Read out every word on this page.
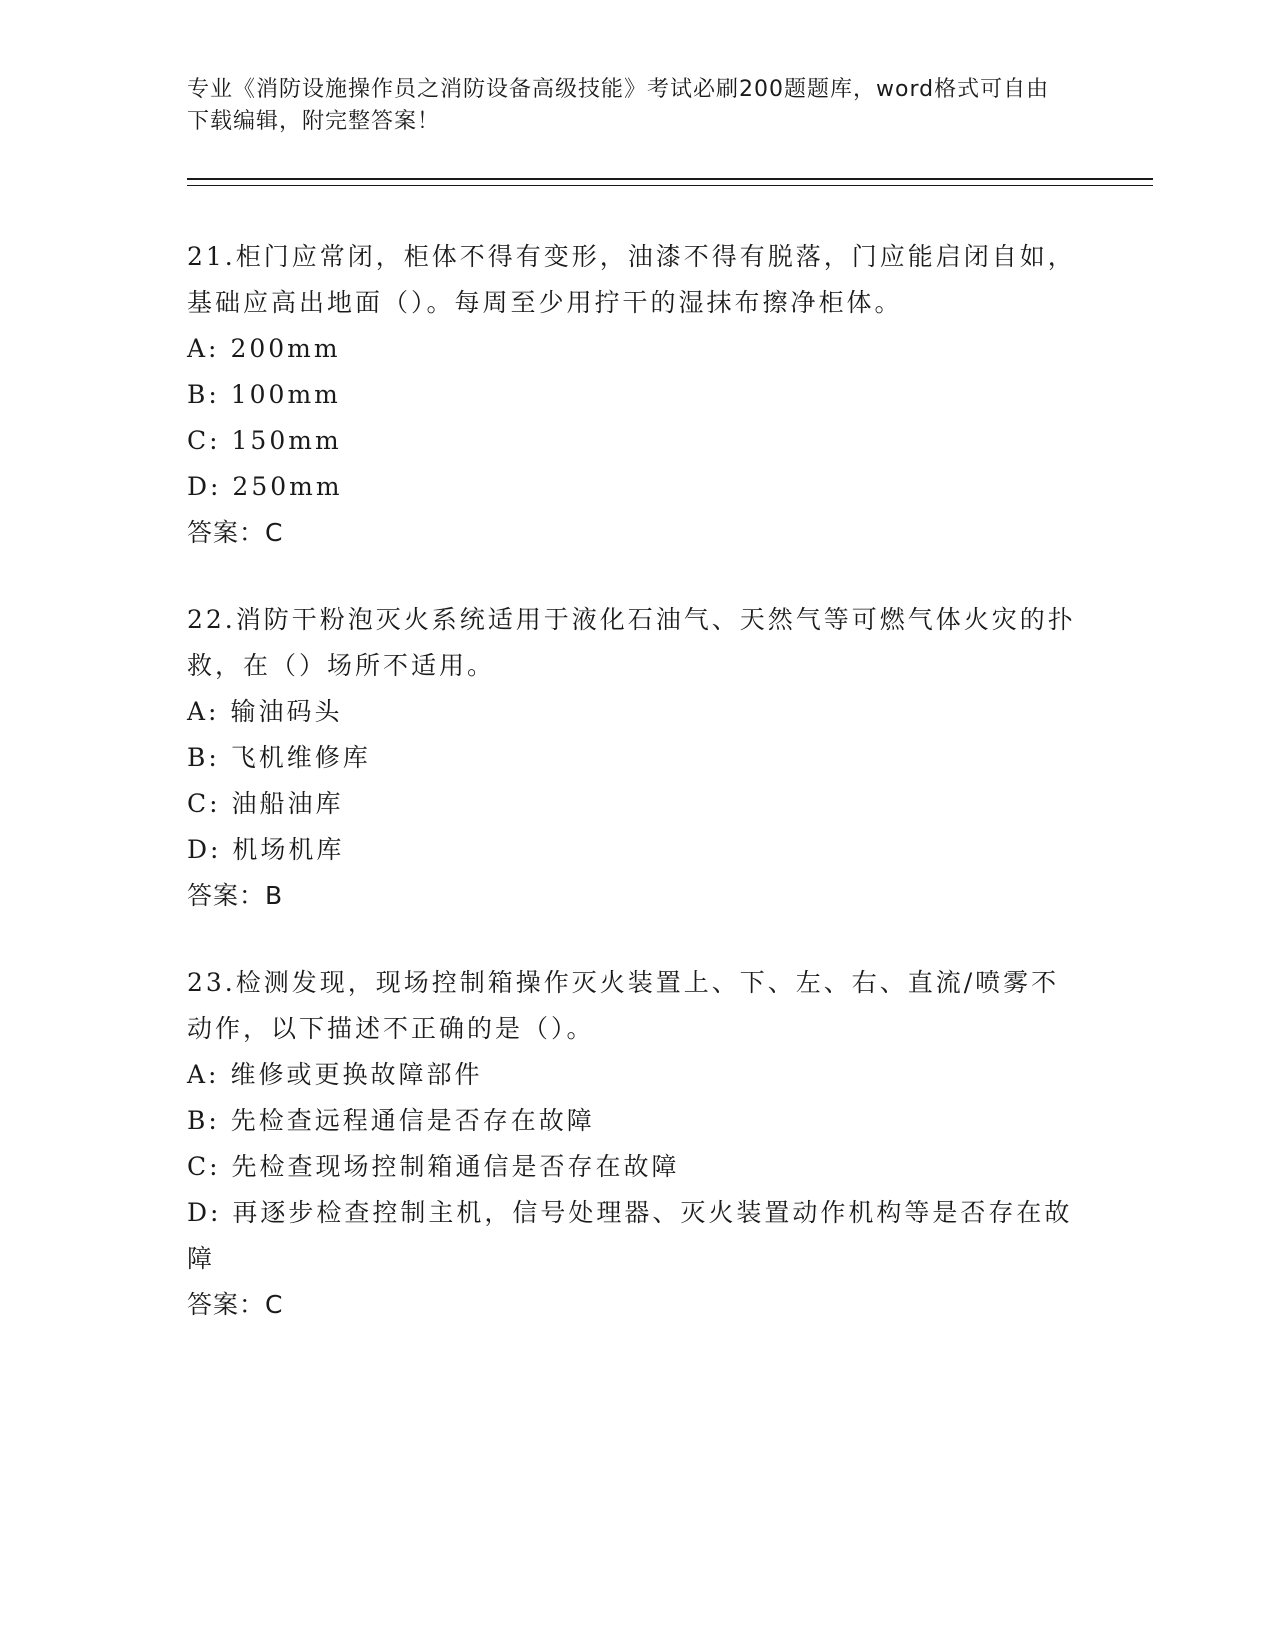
专业《消防设施操作员之消防设备高级技能》考试必刷200题题库，word格式可自由下载编辑，附完整答案！

21.柜门应常闭，柜体不得有变形，油漆不得有脱落，门应能启闭自如，基础应高出地面（）。每周至少用拧干的湿抹布擦净柜体。

A: 200mm

B: 100mm

C: 150mm

D: 250mm

答案：C

22.消防干粉泡灭火系统适用于液化石油气、天然气等可燃气体火灾的扑救，在（）场所不适用。

A: 输油码头

B: 飞机维修库

C: 油船油库

D: 机场机库

答案：B

23.检测发现，现场控制箱操作灭火装置上、下、左、右、直流/喷雾不动作，以下描述不正确的是（）。

A: 维修或更换故障部件

B: 先检查远程通信是否存在故障

C: 先检查现场控制箱通信是否存在故障

D: 再逐步检查控制主机，信号处理器、灭火装置动作机构等是否存在故障

答案：C
